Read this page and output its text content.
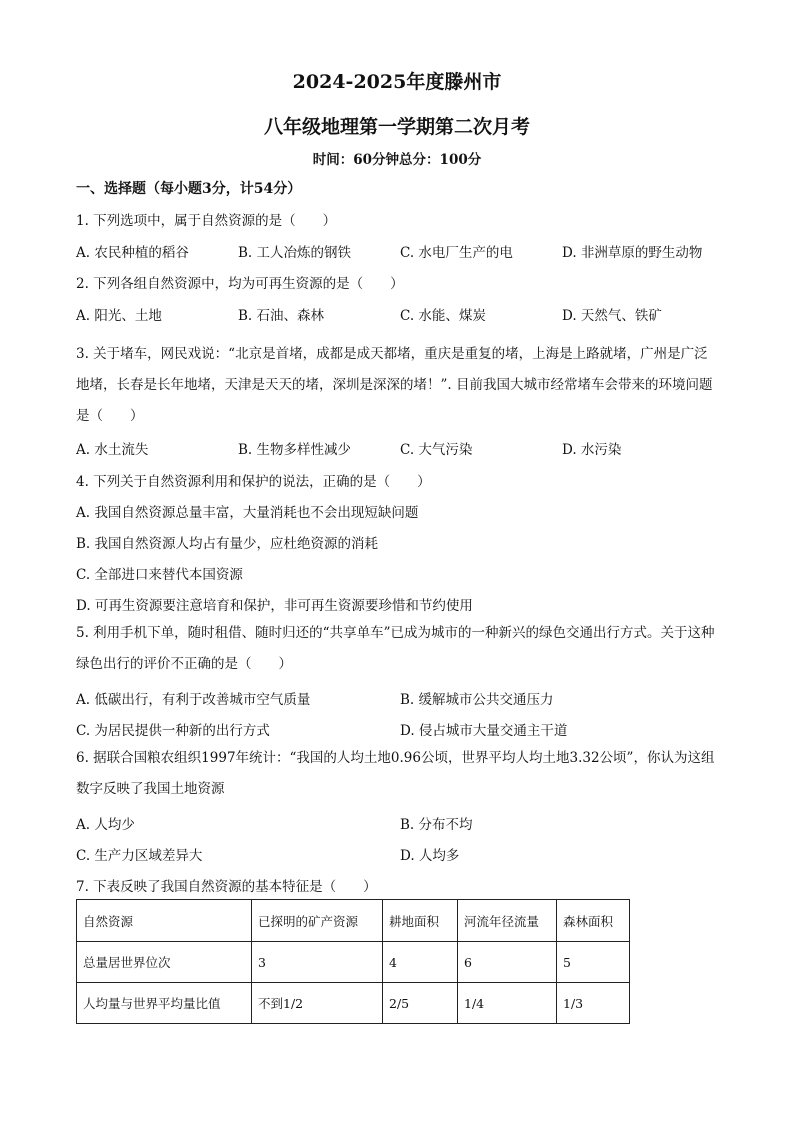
2024-2025年度滕州市
八年级地理第一学期第二次月考
时间：60分钟总分：100分
一、选择题（每小题3分，计54分）
1. 下列选项中，属于自然资源的是（　　）
A. 农民种植的稻谷	B. 工人冶炼的钢铁	C. 水电厂生产的电	D. 非洲草原的野生动物
2. 下列各组自然资源中，均为可再生资源的是（　　）
A. 阳光、土地	B. 石油、森林	C. 水能、煤炭	D. 天然气、铁矿
3. 关于堵车，网民戏说：“北京是首堵，成都是成天都堵，重庆是重复的堵，上海是上路就堵，广州是广泛地堵，长春是长年地堵，天津是天天的堵，深圳是深深的堵！”. 目前我国大城市经常堵车会带来的环境问题是（　　）
A. 水土流失	B. 生物多样性减少	C. 大气污染	D. 水污染
4. 下列关于自然资源利用和保护的说法，正确的是（　　）
A. 我国自然资源总量丰富，大量消耗也不会出现短缺问题
B. 我国自然资源人均占有量少，应杜绝资源的消耗
C. 全部进口来替代本国资源
D. 可再生资源要注意培育和保护，非可再生资源要珍惜和节约使用
5. 利用手机下单，随时租借、随时归还的“共享单车”已成为城市的一种新兴的绿色交通出行方式。关于这种绿色出行的评价不正确的是（　　）
A. 低碳出行，有利于改善城市空气质量	B. 缓解城市公共交通压力
C. 为居民提供一种新的出行方式	D. 侵占城市大量交通主干道
6. 据联合国粮农组织1997年统计：“我国的人均土地0.96公顷，世界平均人均土地3.32公顷”，你认为这组数字反映了我国土地资源
A. 人均少	B. 分布不均
C. 生产力区域差异大	D. 人均多
7. 下表反映了我国自然资源的基本特征是（　　）
自然资源	已探明的矿产资源	耕地面积	河流年径流量	森林面积
总量居世界位次	3	4	6	5
人均量与世界平均量比值	不到1/2	2/5	1/4	1/3
